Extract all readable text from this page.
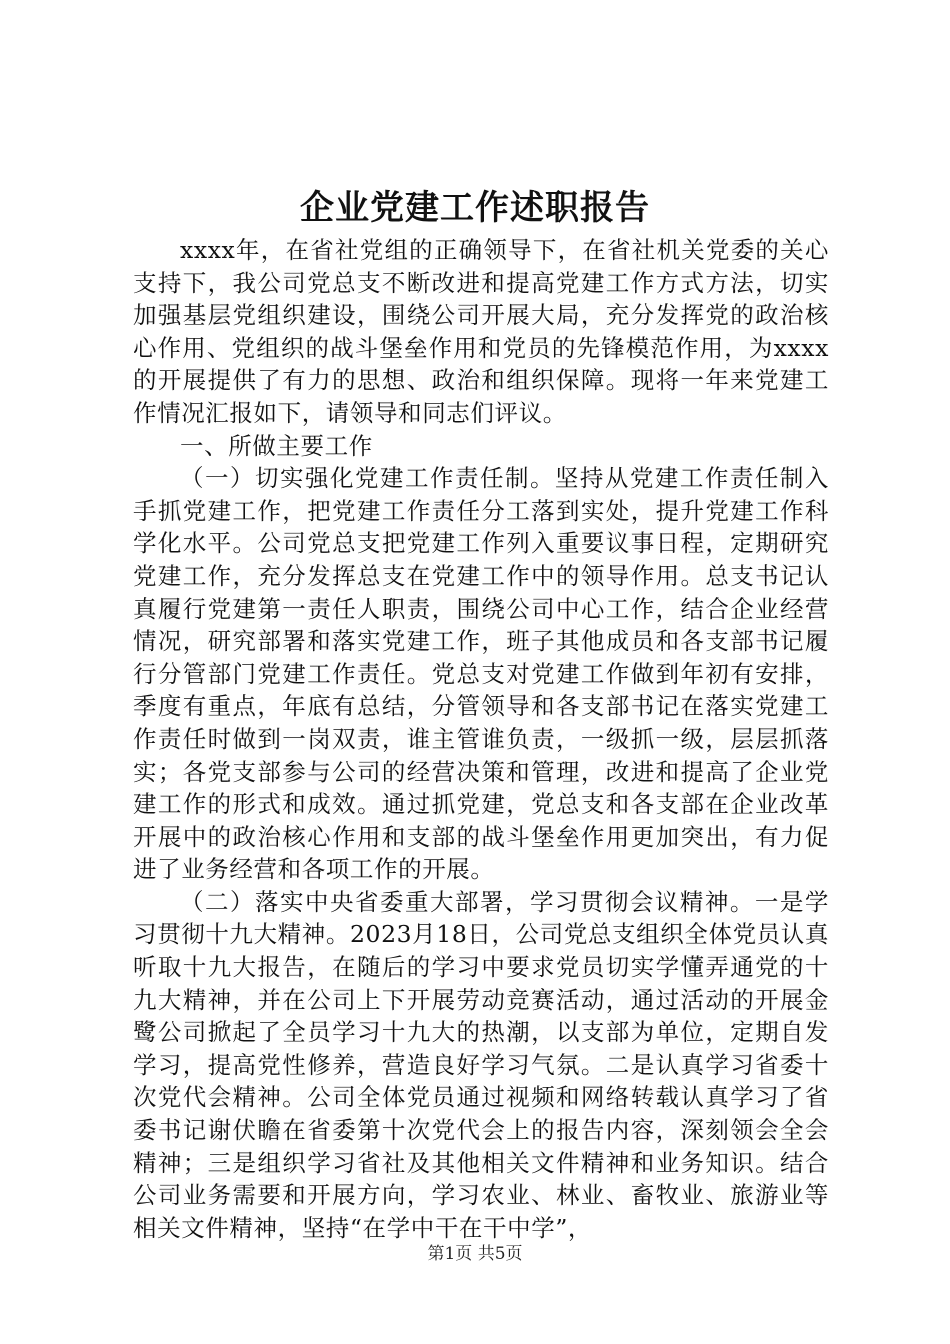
企业党建工作述职报告

xxxx年，在省社党组的正确领导下，在省社机关党委的关心支持下，我公司党总支不断改进和提高党建工作方式方法，切实加强基层党组织建设，围绕公司开展大局，充分发挥党的政治核心作用、党组织的战斗堡垒作用和党员的先锋模范作用，为xxxx的开展提供了有力的思想、政治和组织保障。现将一年来党建工作情况汇报如下，请领导和同志们评议。

一、所做主要工作

（一）切实强化党建工作责任制。坚持从党建工作责任制入手抓党建工作，把党建工作责任分工落到实处，提升党建工作科学化水平。公司党总支把党建工作列入重要议事日程，定期研究党建工作，充分发挥总支在党建工作中的领导作用。总支书记认真履行党建第一责任人职责，围绕公司中心工作，结合企业经营情况，研究部署和落实党建工作，班子其他成员和各支部书记履行分管部门党建工作责任。党总支对党建工作做到年初有安排，季度有重点，年底有总结，分管领导和各支部书记在落实党建工作责任时做到一岗双责，谁主管谁负责，一级抓一级，层层抓落实；各党支部参与公司的经营决策和管理，改进和提高了企业党建工作的形式和成效。通过抓党建，党总支和各支部在企业改革开展中的政治核心作用和支部的战斗堡垒作用更加突出，有力促进了业务经营和各项工作的开展。

（二）落实中央省委重大部署，学习贯彻会议精神。一是学习贯彻十九大精神。2023月18日，公司党总支组织全体党员认真听取十九大报告，在随后的学习中要求党员切实学懂弄通党的十九大精神，并在公司上下开展劳动竞赛活动，通过活动的开展金鹭公司掀起了全员学习十九大的热潮，以支部为单位，定期自发学习，提高党性修养，营造良好学习气氛。二是认真学习省委十次党代会精神。公司全体党员通过视频和网络转载认真学习了省委书记谢伏瞻在省委第十次党代会上的报告内容，深刻领会全会精神；三是组织学习省社及其他相关文件精神和业务知识。结合公司业务需要和开展方向，学习农业、林业、畜牧业、旅游业等相关文件精神，坚持“在学中干在干中学”，

第1页 共5页
